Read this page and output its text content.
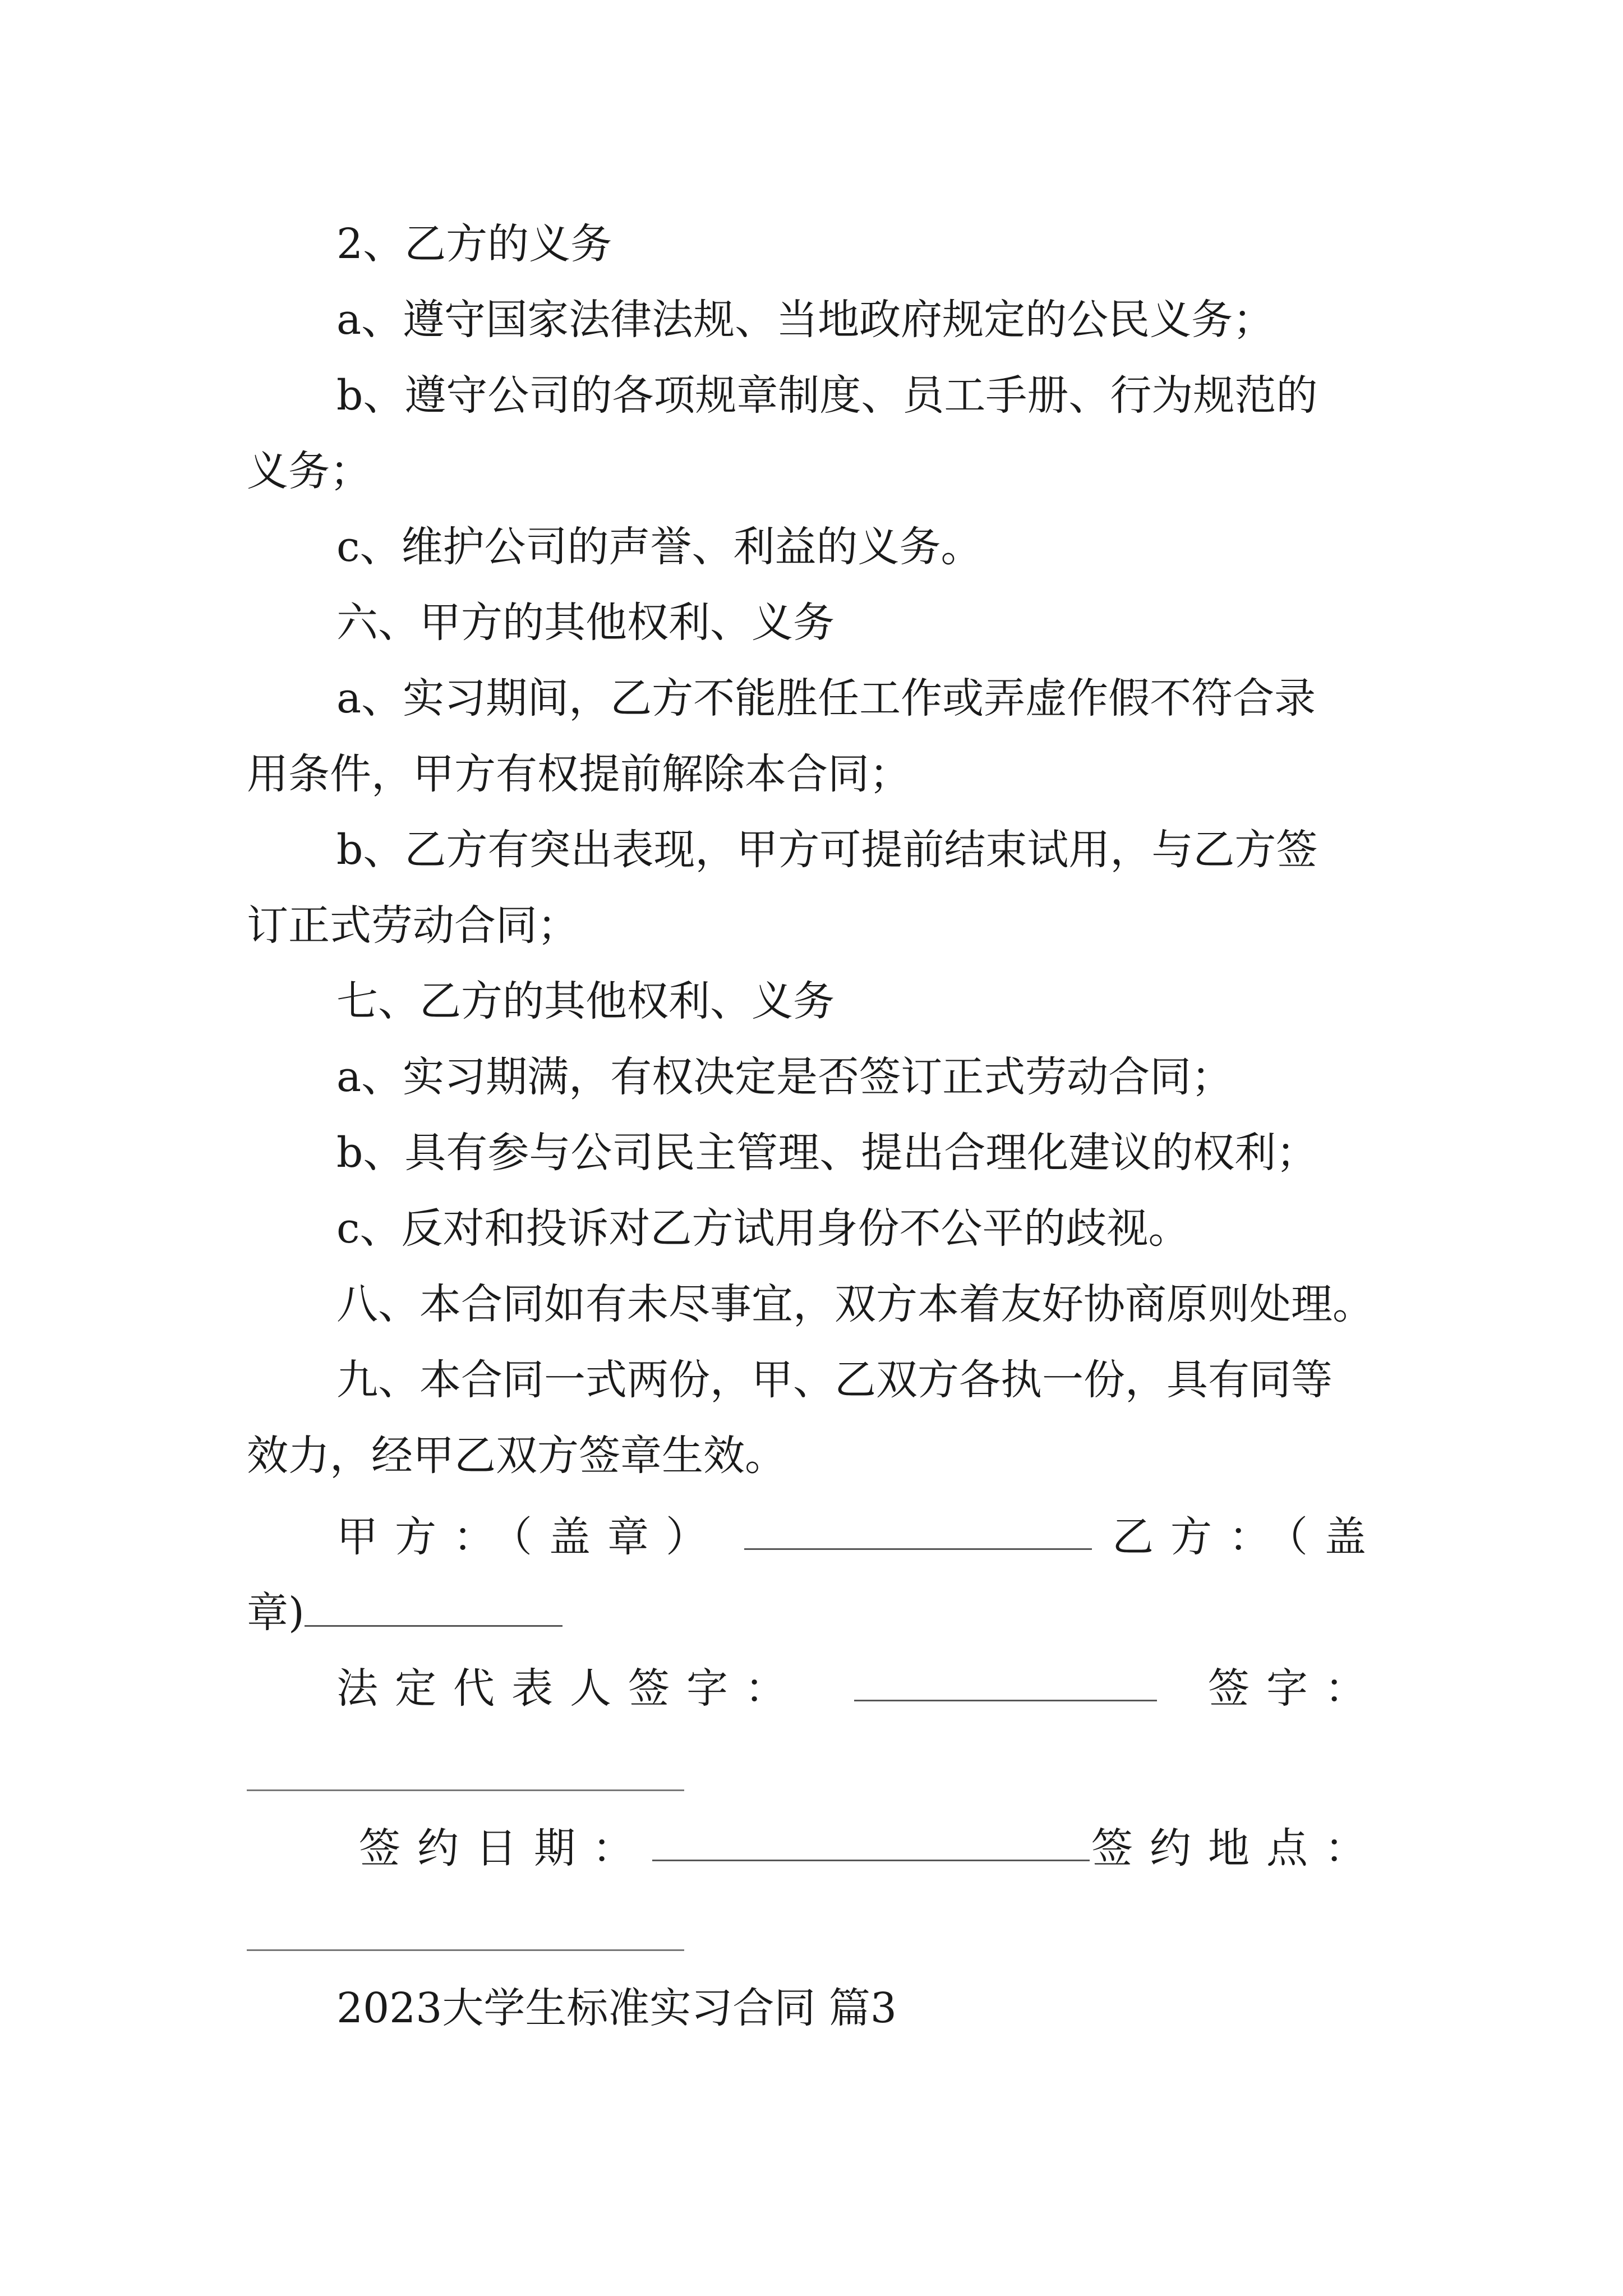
2、乙方的义务
a、遵守国家法律法规、当地政府规定的公民义务；
b、遵守公司的各项规章制度、员工手册、行为规范的
义务；
c、维护公司的声誉、利益的义务。
六、甲方的其他权利、义务
a、实习期间，乙方不能胜任工作或弄虚作假不符合录
用条件，甲方有权提前解除本合同；
b、乙方有突出表现，甲方可提前结束试用，与乙方签
订正式劳动合同；
七、乙方的其他权利、义务
a、实习期满，有权决定是否签订正式劳动合同；
b、具有参与公司民主管理、提出合理化建议的权利；
c、反对和投诉对乙方试用身份不公平的歧视。
八、本合同如有未尽事宜，双方本着友好协商原则处理。
九、本合同一式两份，甲、乙双方各执一份，具有同等
效力，经甲乙双方签章生效。
甲方：（盖章）	乙方：（盖
章)
法定代表人签字：	签字：
签约日期：	签约地点：
2023大学生标准实习合同 篇3
